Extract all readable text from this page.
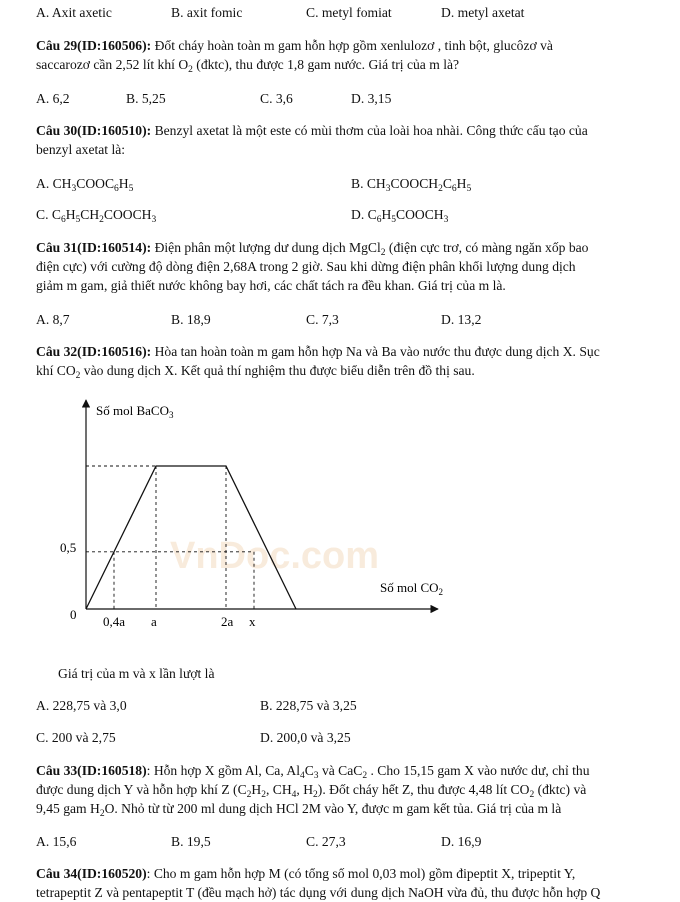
A. Axit axetic	B. axit fomic	C. metyl fomiat	D. metyl axetat
Câu 29(ID:160506): Đốt cháy hoàn toàn m gam hỗn hợp gồm xenlulozơ , tinh bột, glucôzơ và
saccarozơ cần 2,52 lít khí $O_2$ (đktc), thu được 1,8 gam nước. Giá trị của m là?
A. 6,2	B. 5,25	C. 3,6	D. 3,15
Câu 30(ID:160510): Benzyl axetat là một este có mùi thơm của loài hoa nhài. Công thức cấu tạo của
benzyl axetat là:
A. $CH_3COOC_6H_5$	B. $CH_3COOCH_2C_6H_5$
C. $C_6H_5CH_2COOCH_3$	D. $C_6H_5COOCH_3$
Câu 31(ID:160514): Điện phân một lượng dư dung dịch MgCl$_2$ (điện cực trơ, có màng ngăn xốp bao
điện cực) với cường độ dòng điện 2,68A trong 2 giờ. Sau khi dừng điện phân khối lượng dung dịch
giảm m gam, giả thiết nước không bay hơi, các chất tách ra đều khan. Giá trị của m là.
A. 8,7	B. 18,9	C. 7,3	D. 13,2
Câu 32(ID:160516): Hòa tan hoàn toàn m gam hỗn hợp Na và Ba vào nước thu được dung dịch X. Sục
khí $CO_2$ vào dung dịch X. Kết quả thí nghiệm thu được biểu diễn trên đồ thị sau.
Số mol BaCO$_3$
Số mol $CO_2$
0
0,5 VnDoc.com
0,4a a	2a x
Giá trị của m và x lần lượt là
A. 228,75 và 3,0	B. 228,75 và 3,25
C. 200 và 2,75	D. 200,0 và 3,25
Câu 33(ID:160518): Hỗn hợp X gồm Al, Ca, $Al_4C_3$ và CaC$_2$ . Cho 15,15 gam X vào nước dư, chỉ thu
được dung dịch Y và hỗn hợp khí Z ($C_2H_2$, $CH_4$, $H_2$). Đốt cháy hết Z, thu được 4,48 lít $CO_2$ (đktc) và
9,45 gam $H_2O$. Nhỏ từ từ 200 ml dung dịch HCl 2M vào Y, được m gam kết tủa. Giá trị của m là
A. 15,6	B. 19,5	C. 27,3	D. 16,9
Câu 34(ID:160520): Cho m gam hỗn hợp M (có tổng số mol 0,03 mol) gồm đipeptit X, tripeptit Y,
tetrapeptit Z và pentapeptit T (đều mạch hở) tác dụng với dung dịch NaOH vừa đủ, thu được hỗn hợp Q
